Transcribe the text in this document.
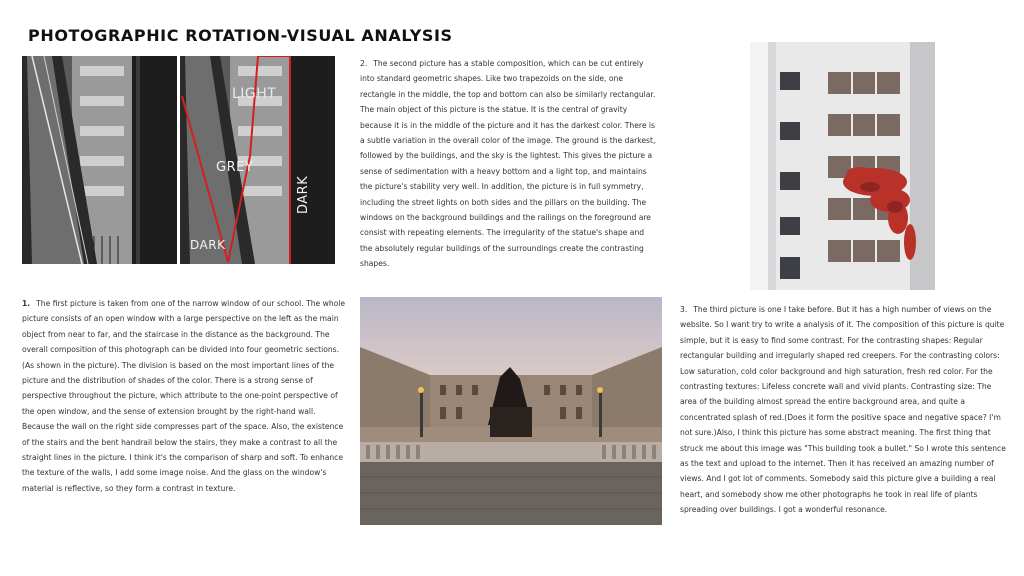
PHOTOGRAPHIC ROTATION-VISUAL ANALYSIS
LIGHT
GREY
DARK
DARK
2. The second picture has a stable composition, which can be cut entirely into standard geometric shapes. Like two trapezoids on the side, one rectangle in the middle, the top and bottom can also be similarly rectangular. The main object of this picture is the statue. It is the central of gravity because it is in the middle of the picture and it has the darkest color. There is a subtle variation in the overall color of the image. The ground is the darkest, followed by the buildings, and the sky is the lightest. This gives the picture a sense of sedimentation with a heavy bottom and a light top, and maintains the picture's stability very well. In addition, the picture is in full symmetry, including the street lights on both sides and the pillars on the building. The windows on the background buildings and the railings on the foreground are consist with repeating elements. The irregularity of the statue's shape and the absolutely regular buildings of the surroundings create the contrasting shapes.
1. The first picture is taken from one of the narrow window of our school. The whole picture consists of an open window with a large perspective on the left as the main object from near to far, and the staircase in the distance as the background. The overall composition of this photograph can be divided into four geometric sections. (As shown in the picture). The division is based on the most important lines of the picture and the distribution of shades of the color. There is a strong sense of perspective throughout the picture, which attribute to the one-point perspective of the open window, and the sense of extension brought by the right-hand wall. Because the wall on the right side compresses part of the space. Also, the existence of the stairs and the bent handrail below the stairs, they make a contrast to all the straight lines in the picture. I think it's the comparison of sharp and soft. To enhance the texture of the walls, I add some image noise. And the glass on the window's material is reflective, so they form a contrast in texture.
3. The third picture is one I take before. But it has a high number of views on the website. So I want try to write a analysis of it. The composition of this picture is quite simple, but it is easy to find some contrast. For the contrasting shapes: Regular rectangular building and irregularly shaped red creepers. For the contrasting colors: Low saturation, cold color background and high saturation, fresh red color. For the contrasting textures: Lifeless concrete wall and vivid plants. Contrasting size: The area of the building almost spread the entire background area, and quite a concentrated splash of red.(Does it form the positive space and negative space? I'm not sure.)Also, I think this picture has some abstract meaning. The first thing that struck me about this image was "This building took a bullet." So I wrote this sentence as the text and upload to the internet. Then it has received an amazing number of views. And I got lot of comments. Somebody said this picture give a building a real heart, and somebody show me other photographs he took in real life of plants spreading over buildings. I got a wonderful resonance.
